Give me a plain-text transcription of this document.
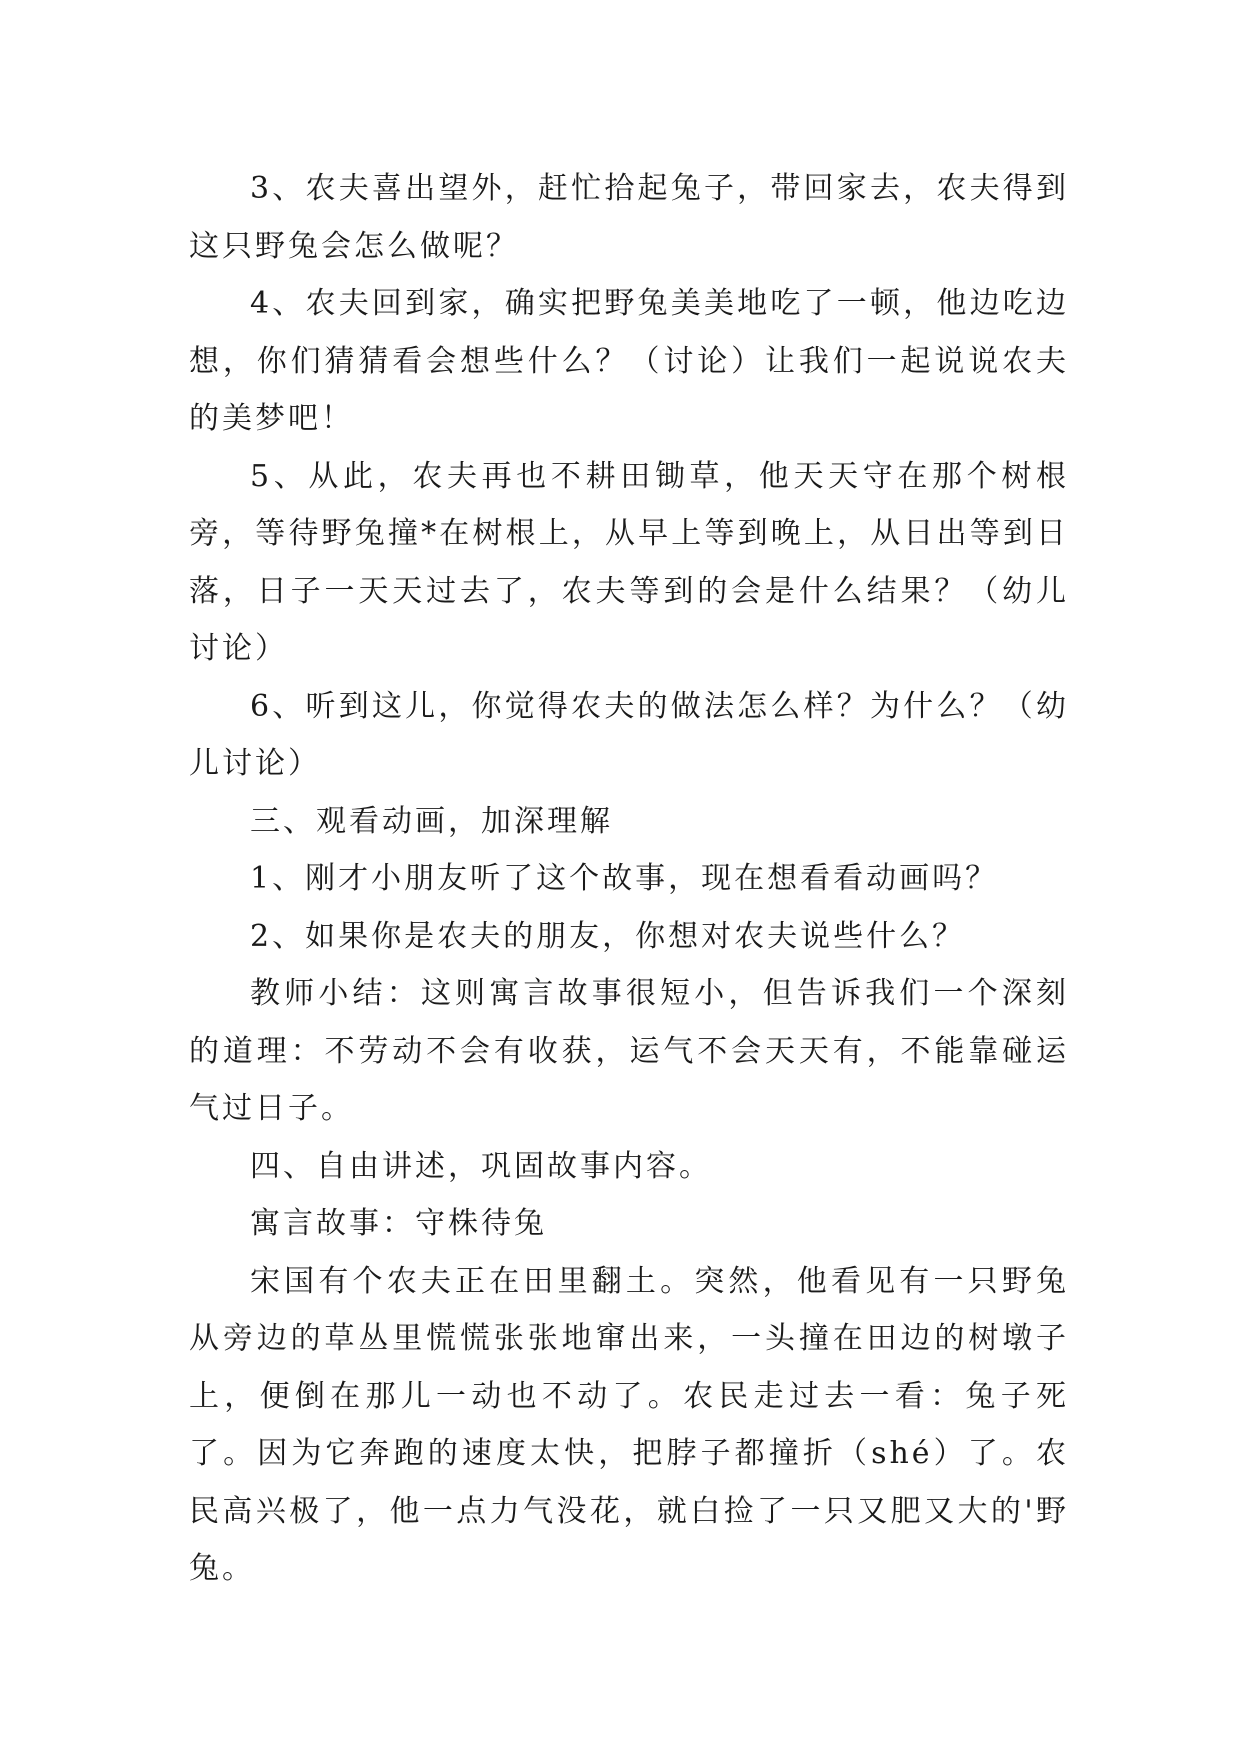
3、农夫喜出望外，赶忙拾起兔子，带回家去，农夫得到这只野兔会怎么做呢？

4、农夫回到家，确实把野兔美美地吃了一顿，他边吃边想，你们猜猜看会想些什么？（讨论）让我们一起说说农夫的美梦吧！

5、从此，农夫再也不耕田锄草，他天天守在那个树根旁，等待野兔撞*在树根上，从早上等到晚上，从日出等到日落，日子一天天过去了，农夫等到的会是什么结果？（幼儿讨论）

6、听到这儿，你觉得农夫的做法怎么样？为什么？（幼儿讨论）

三、观看动画，加深理解

1、刚才小朋友听了这个故事，现在想看看动画吗？

2、如果你是农夫的朋友，你想对农夫说些什么？

教师小结：这则寓言故事很短小，但告诉我们一个深刻的道理：不劳动不会有收获，运气不会天天有，不能靠碰运气过日子。

四、自由讲述，巩固故事内容。

寓言故事：守株待兔

宋国有个农夫正在田里翻土。突然，他看见有一只野兔从旁边的草丛里慌慌张张地窜出来，一头撞在田边的树墩子上，便倒在那儿一动也不动了。农民走过去一看：兔子死了。因为它奔跑的速度太快，把脖子都撞折（shé）了。农民高兴极了，他一点力气没花，就白捡了一只又肥又大的'野兔。
